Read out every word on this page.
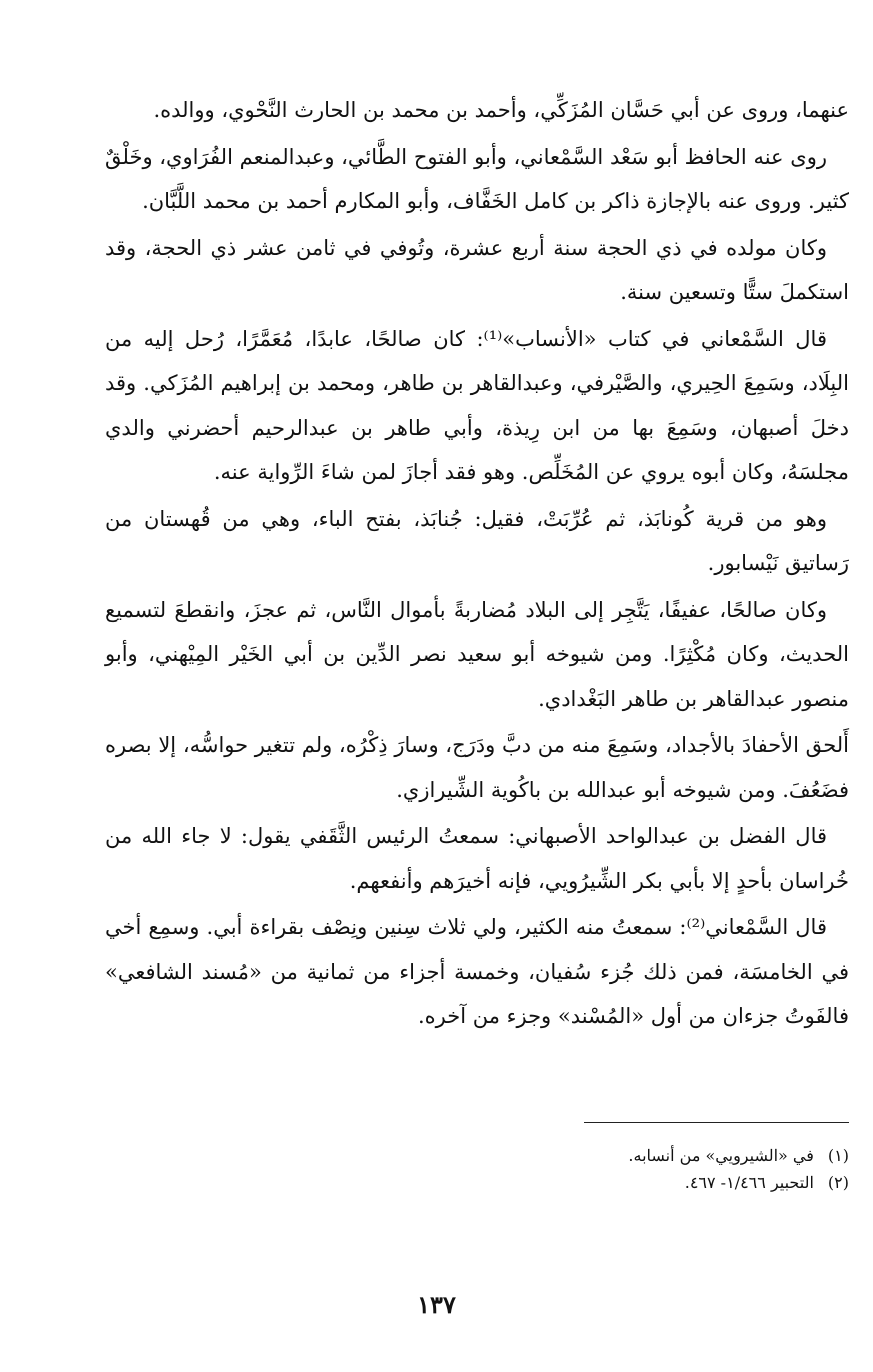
عنهما، وروى عن أبي حَسَّان المُزَكِّي، وأحمد بن محمد بن الحارث النَّحْوي، ووالده.

روى عنه الحافظ أبو سَعْد السَّمْعاني، وأبو الفتوح الطَّائي، وعبدالمنعم الفُرَاوي، وخَلْقٌ كثير. وروى عنه بالإجازة ذاكر بن كامل الخَفَّاف، وأبو المكارم أحمد بن محمد اللَّبَّان.

وكان مولده في ذي الحجة سنة أربع عشرة، وتُوفي في ثامن عشر ذي الحجة، وقد استكملَ ستًّا وتسعين سنة.

قال السَّمْعاني في كتاب «الأنساب»⁽¹⁾: كان صالحًا، عابدًا، مُعَمَّرًا، رُحل إليه من البِلَاد، وسَمِعَ الحِيري، والصَّيْرفي، وعبدالقاهر بن طاهر، ومحمد بن إبراهيم المُزَكي. وقد دخلَ أصبهان، وسَمِعَ بها من ابن رِيذة، وأبي طاهر بن عبدالرحيم أحضرني والدي مجلسَهُ، وكان أبوه يروي عن المُخَلِّص. وهو فقد أجازَ لمن شاءَ الرِّواية عنه.

وهو من قرية كُونابَذ، ثم عُرِّبَتْ، فقيل: جُنابَذ، بفتح الباء، وهي من قُهستان من رَساتيق نَيْسابور.

وكان صالحًا، عفيفًا، يَتَّجِر إلى البلاد مُضاربةً بأموال النَّاس، ثم عجزَ، وانقطعَ لتسميع الحديث، وكان مُكْثِرًا. ومن شيوخه أبو سعيد نصر الدِّين بن أبي الخَيْر المِيْهني، وأبو منصور عبدالقاهر بن طاهر البَغْدادي.

أَلحق الأحفادَ بالأجداد، وسَمِعَ منه من دبَّ ودَرَج، وسارَ ذِكْرُه، ولم تتغير حواسُّه، إلا بصره فضَعُفَ. ومن شيوخه أبو عبدالله بن باكُوية الشِّيرازي.

قال الفضل بن عبدالواحد الأصبهاني: سمعتُ الرئيس الثَّقَفي يقول: لا جاء الله من خُراسان بأحدٍ إلا بأبي بكر الشِّيرُويي، فإنه أخيرَهم وأنفعهم.

قال السَّمْعاني⁽²⁾: سمعتُ منه الكثير، ولي ثلاث سِنين ونِصْف بقراءة أبي. وسمِع أخي في الخامسَة، فمن ذلك جُزء سُفيان، وخمسة أجزاء من ثمانية من «مُسند الشافعي» فالفَوتُ جزءان من أول «المُسْند» وجزء من آخره.

(١)
في «الشيرويي» من أنسابه.
(٢)
التحبير ١/٤٦٦- ٤٦٧.
١٣٧
